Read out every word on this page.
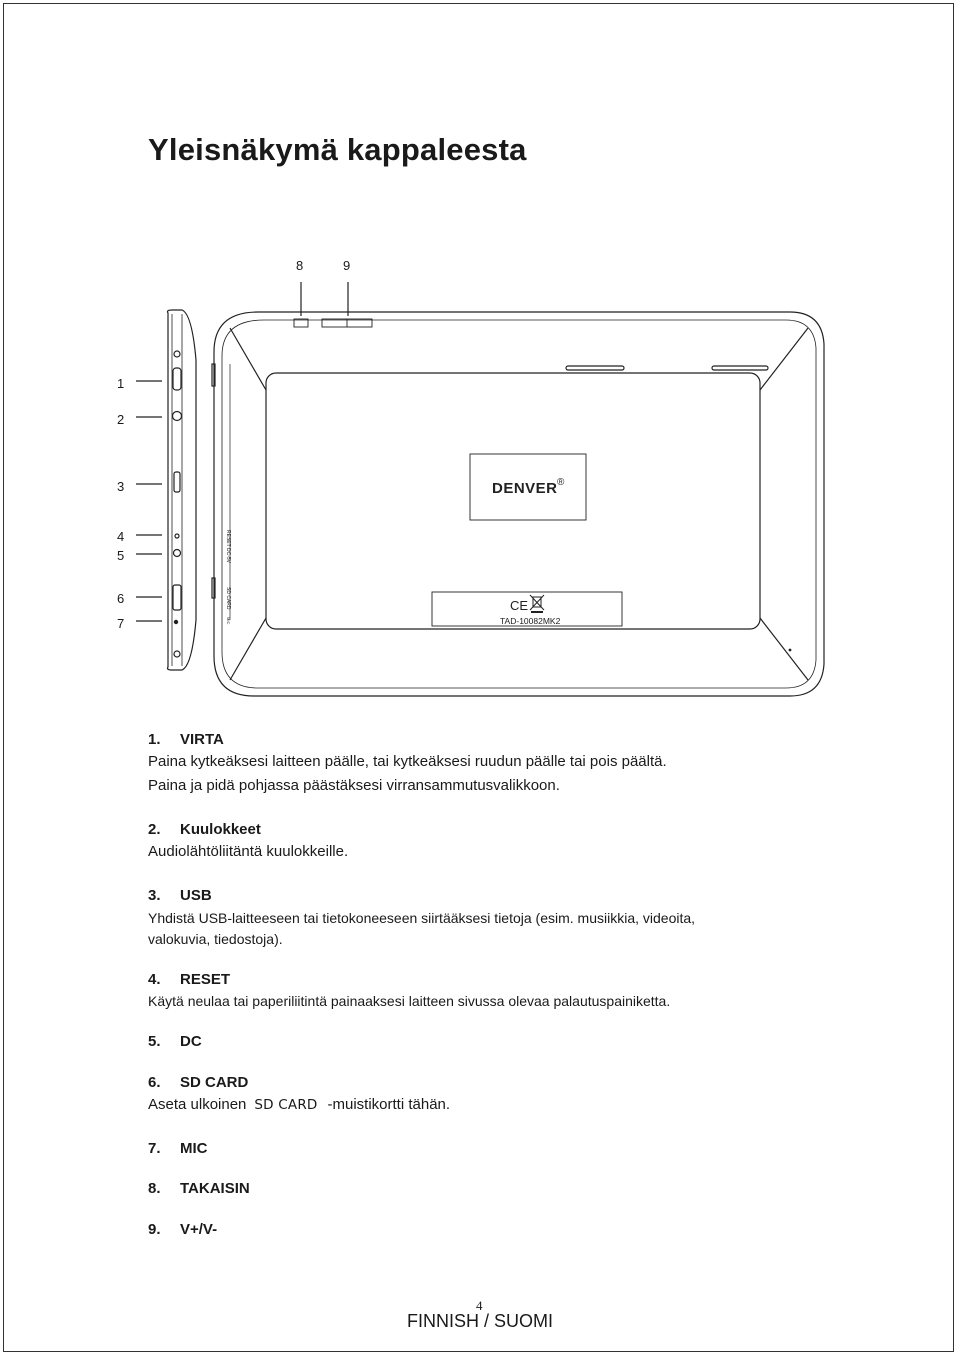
Yleisnäkymä kappaleesta
1
2
3
4
5
6
7
8	9
DENVER ®
CE
TAD-10082MK2
RESET DC-5V
SD CARD
MIC
1.	VIRTA
Paina kytkeäksesi laitteen päälle, tai kytkeäksesi ruudun päälle tai pois päältä.
Paina ja pidä pohjassa päästäksesi virransammutusvalikkoon.
2.	Kuulokkeet
Audiolähtöliitäntä kuulokkeille.
3.	USB
Yhdistä USB-laitteeseen tai tietokoneeseen siirtääksesi tietoja (esim. musiikkia, videoita,
valokuvia, tiedostoja).
4.	RESET
Käytä neulaa tai paperiliitintä painaaksesi laitteen sivussa olevaa palautuspainiketta.
5.	DC
6.	SD CARD
Aseta ulkoinen SD CARD -muistikortti tähän.
7.	MIC
8.	TAKAISIN
9.	V+/V-
4
FINNISH / SUOMI
